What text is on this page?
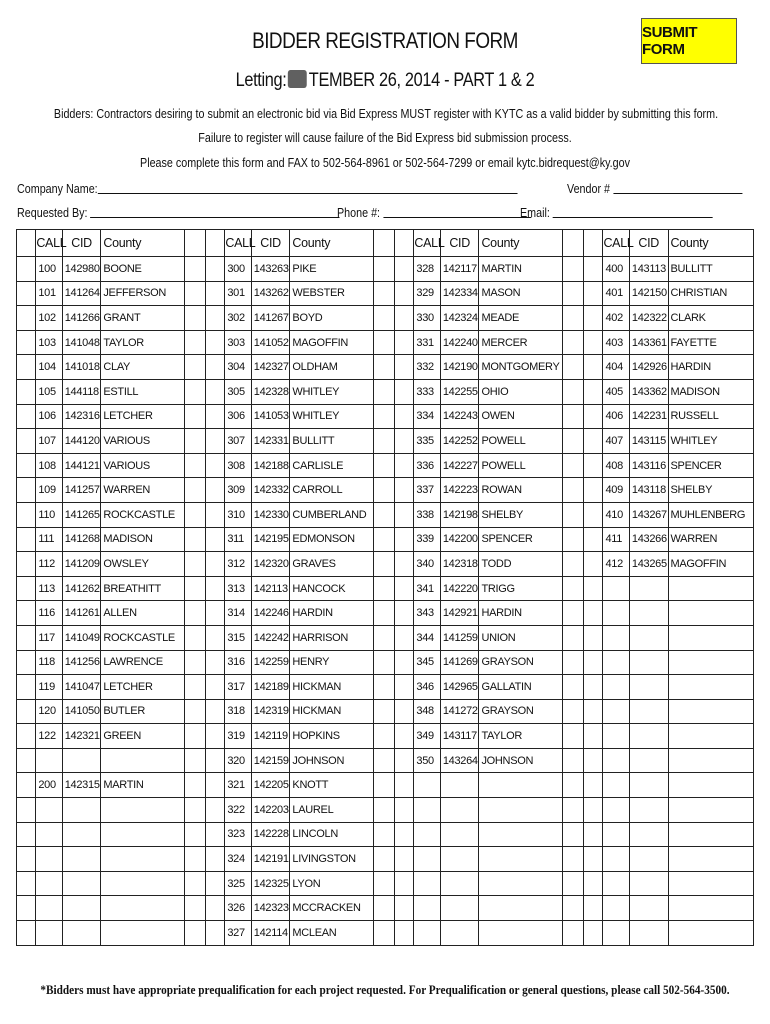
BIDDER REGISTRATION FORM
Letting: TEMBER 26, 2014 - PART 1 & 2
SUBMIT FORM
Bidders: Contractors desiring to submit an electronic bid via Bid Express MUST register with KYTC as a valid bidder by submitting this form.
Failure to register will cause failure of the Bid Express bid submission process.
Please complete this form and FAX to 502-564-8961 or 502-564-7299 or email kytc.bidrequest@ky.gov
Company Name:	Vendor #
Requested By:	Phone #:	Email:
	CALL	CID	County			CALL	CID	County			CALL	CID	County			CALL	CID	County
	100	142980	BOONE			300	143263	PIKE			328	142117	MARTIN			400	143113	BULLITT
	101	141264	JEFFERSON			301	143262	WEBSTER			329	142334	MASON			401	142150	CHRISTIAN
	102	141266	GRANT			302	141267	BOYD			330	142324	MEADE			402	142322	CLARK
	103	141048	TAYLOR			303	141052	MAGOFFIN			331	142240	MERCER			403	143361	FAYETTE
	104	141018	CLAY			304	142327	OLDHAM			332	142190	MONTGOMERY			404	142926	HARDIN
	105	144118	ESTILL			305	142328	WHITLEY			333	142255	OHIO			405	143362	MADISON
	106	142316	LETCHER			306	141053	WHITLEY			334	142243	OWEN			406	142231	RUSSELL
	107	144120	VARIOUS			307	142331	BULLITT			335	142252	POWELL			407	143115	WHITLEY
	108	144121	VARIOUS			308	142188	CARLISLE			336	142227	POWELL			408	143116	SPENCER
	109	141257	WARREN			309	142332	CARROLL			337	142223	ROWAN			409	143118	SHELBY
	110	141265	ROCKCASTLE			310	142330	CUMBERLAND			338	142198	SHELBY			410	143267	MUHLENBERG
	111	141268	MADISON			311	142195	EDMONSON			339	142200	SPENCER			411	143266	WARREN
	112	141209	OWSLEY			312	142320	GRAVES			340	142318	TODD			412	143265	MAGOFFIN
	113	141262	BREATHITT			313	142113	HANCOCK			341	142220	TRIGG					
	116	141261	ALLEN			314	142246	HARDIN			343	142921	HARDIN					
	117	141049	ROCKCASTLE			315	142242	HARRISON			344	141259	UNION					
	118	141256	LAWRENCE			316	142259	HENRY			345	141269	GRAYSON					
	119	141047	LETCHER			317	142189	HICKMAN			346	142965	GALLATIN					
	120	141050	BUTLER			318	142319	HICKMAN			348	141272	GRAYSON					
	122	142321	GREEN			319	142119	HOPKINS			349	143117	TAYLOR					
						320	142159	JOHNSON			350	143264	JOHNSON					
	200	142315	MARTIN			321	142205	KNOTT										
						322	142203	LAUREL										
						323	142228	LINCOLN										
						324	142191	LIVINGSTON										
						325	142325	LYON										
						326	142323	MCCRACKEN										
						327	142114	MCLEAN										
*Bidders must have appropriate prequalification for each project requested. For Prequalification or general questions, please call 502-564-3500.
